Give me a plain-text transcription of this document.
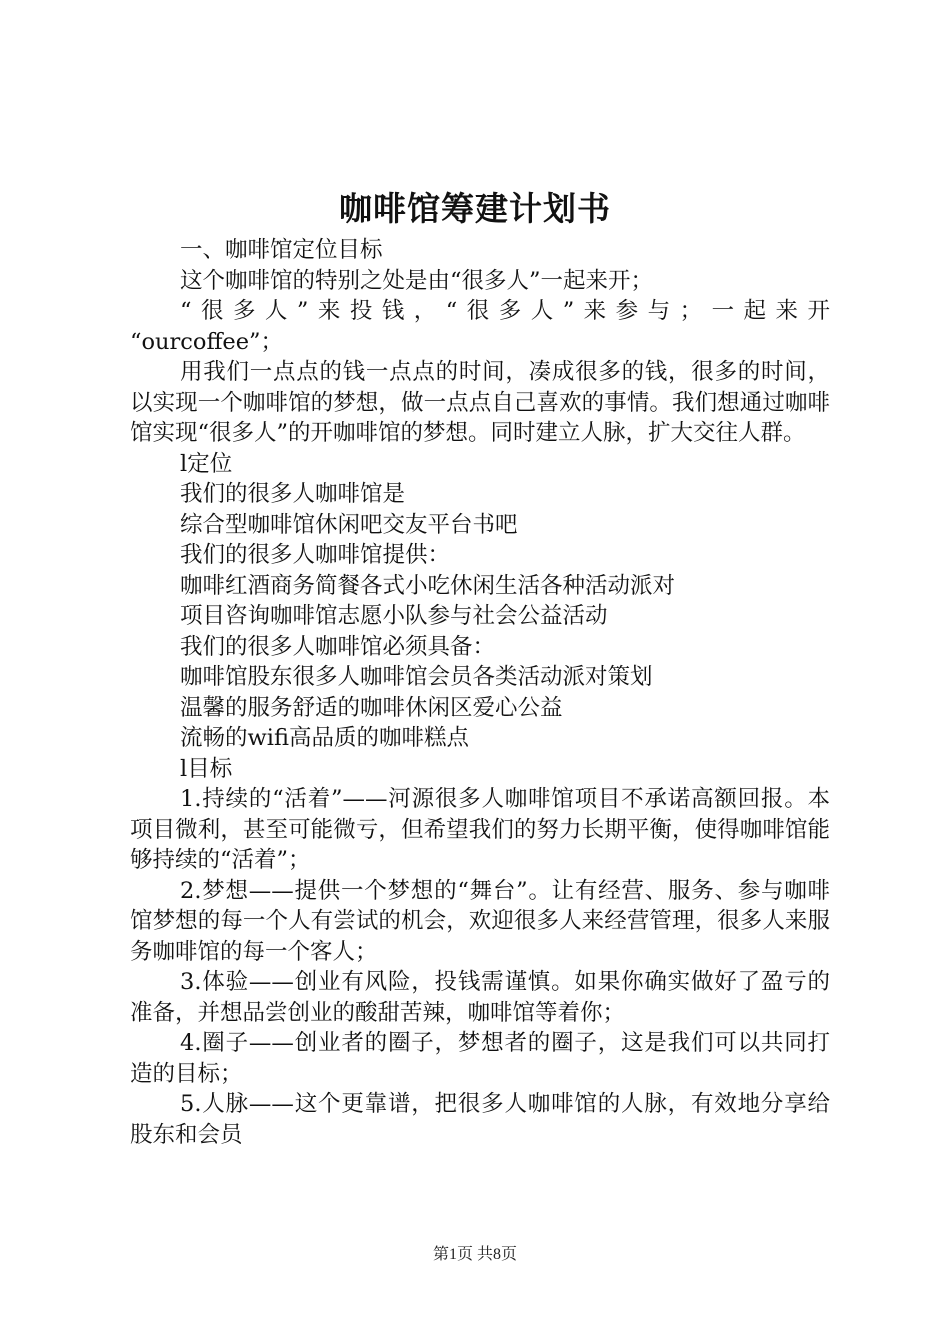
咖啡馆筹建计划书

一、咖啡馆定位目标

这个咖啡馆的特别之处是由“很多人”一起来开；

“很多人”来投钱，“很多人”来参与；一起来开

“ourcoffee”；

用我们一点点的钱一点点的时间，凑成很多的钱，很多的时间，以实现一个咖啡馆的梦想，做一点点自己喜欢的事情。我们想通过咖啡馆实现“很多人”的开咖啡馆的梦想。同时建立人脉，扩大交往人群。

l定位

我们的很多人咖啡馆是

综合型咖啡馆休闲吧交友平台书吧

我们的很多人咖啡馆提供：

咖啡红酒商务简餐各式小吃休闲生活各种活动派对

项目咨询咖啡馆志愿小队参与社会公益活动

我们的很多人咖啡馆必须具备：

咖啡馆股东很多人咖啡馆会员各类活动派对策划

温馨的服务舒适的咖啡休闲区爱心公益

流畅的wifi高品质的咖啡糕点

l目标

1.持续的“活着”——河源很多人咖啡馆项目不承诺高额回报。本项目微利，甚至可能微亏，但希望我们的努力长期平衡，使得咖啡馆能够持续的“活着”；

2.梦想——提供一个梦想的“舞台”。让有经营、服务、参与咖啡馆梦想的每一个人有尝试的机会，欢迎很多人来经营管理，很多人来服务咖啡馆的每一个客人；

3.体验——创业有风险，投钱需谨慎。如果你确实做好了盈亏的准备，并想品尝创业的酸甜苦辣，咖啡馆等着你；

4.圈子——创业者的圈子，梦想者的圈子，这是我们可以共同打造的目标；

5.人脉——这个更靠谱，把很多人咖啡馆的人脉，有效地分享给股东和会员

第1页 共8页
